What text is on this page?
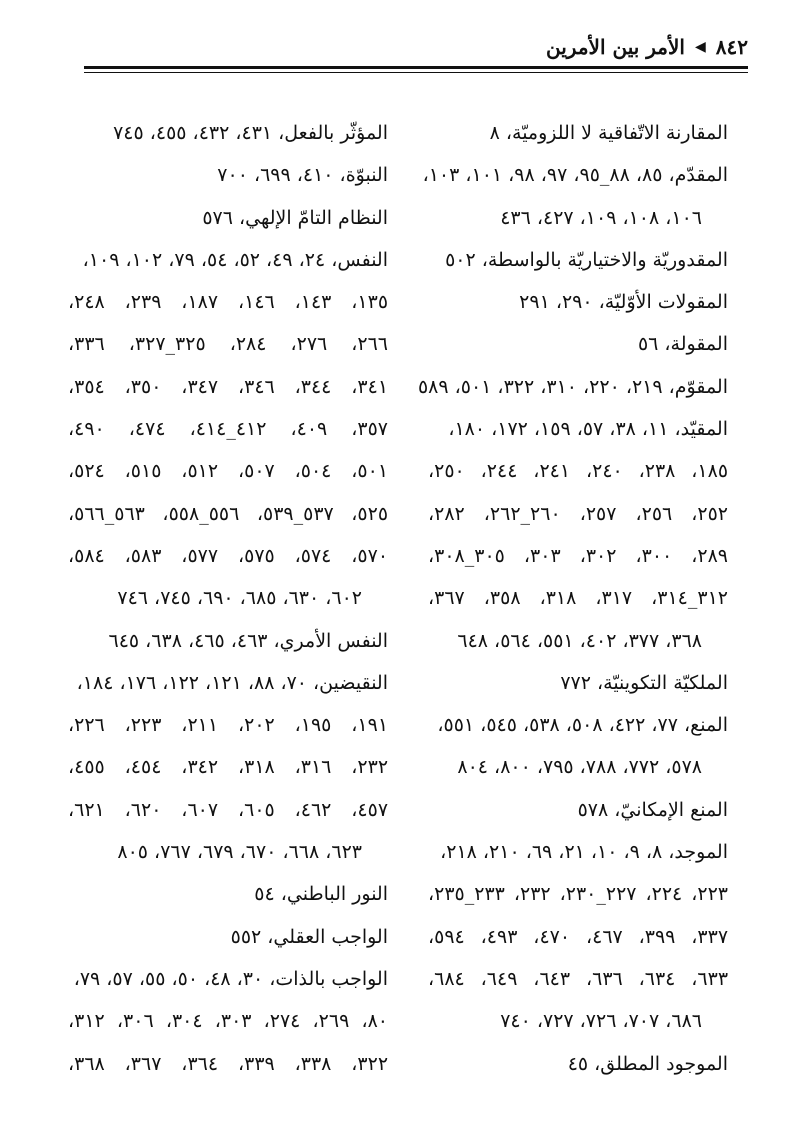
٨٤٢
◀
الأمر بين الأمرين
المقارنة الاتّفاقية لا اللزوميّة، ٨
المقدّم، ٨٥، ٨٨_٩٥، ٩٧، ٩٨، ١٠١، ١٠٣،
١٠٦، ١٠٨، ١٠٩، ٤٢٧، ٤٣٦
المقدوريّة والاختياريّة بالواسطة، ٥٠٢
المقولات الأوّليّة، ٢٩٠، ٢٩١
المقولة، ٥٦
المقوّم، ٢١٩، ٢٢٠، ٣١٠، ٣٢٢، ٥٠١، ٥٨٩
المقيّد، ١١، ٣٨، ٥٧، ١٥٩، ١٧٢، ١٨٠،
١٨٥، ٢٣٨، ٢٤٠، ٢٤١، ٢٤٤، ٢٥٠،
٢٥٢، ٢٥٦، ٢٥٧، ٢٦٠_٢٦٢، ٢٨٢،
٢٨٩، ٣٠٠، ٣٠٢، ٣٠٣، ٣٠٥_٣٠٨،
٣١٢_٣١٤، ٣١٧، ٣١٨، ٣٥٨، ٣٦٧،
٣٦٨، ٣٧٧، ٤٠٢، ٥٥١، ٥٦٤، ٦٤٨
الملكيّة التكوينيّة، ٧٧٢
المنع، ٧٧، ٤٢٢، ٥٠٨، ٥٣٨، ٥٤٥، ٥٥١،
٥٧٨، ٧٧٢، ٧٨٨، ٧٩٥، ٨٠٠، ٨٠٤
المنع الإمكانيّ، ٥٧٨
الموجد، ٨، ٩، ١٠، ٢١، ٦٩، ٢١٠، ٢١٨،
٢٢٣، ٢٢٤، ٢٢٧_٢٣٠، ٢٣٢، ٢٣٣_٢٣٥،
٣٣٧، ٣٩٩، ٤٦٧، ٤٧٠، ٤٩٣، ٥٩٤،
٦٣٣، ٦٣٤، ٦٣٦، ٦٤٣، ٦٤٩، ٦٨٤،
٦٨٦، ٧٠٧، ٧٢٦، ٧٢٧، ٧٤٠
الموجود المطلق، ٤٥
المؤثّر بالفعل، ٤٣١، ٤٣٢، ٤٥٥، ٧٤٥
النبوّة، ٤١٠، ٦٩٩، ٧٠٠
النظام التامّ الإلهي، ٥٧٦
النفس، ٢٤، ٤٩، ٥٢، ٥٤، ٧٩، ١٠٢، ١٠٩،
١٣٥، ١٤٣، ١٤٦، ١٨٧، ٢٣٩، ٢٤٨،
٢٦٦، ٢٧٦، ٢٨٤، ٣٢٥_٣٢٧، ٣٣٦،
٣٤١، ٣٤٤، ٣٤٦، ٣٤٧، ٣٥٠، ٣٥٤،
٣٥٧، ٤٠٩، ٤١٢_٤١٤، ٤٧٤، ٤٩٠،
٥٠١، ٥٠٤، ٥٠٧، ٥١٢، ٥١٥، ٥٢٤،
٥٢٥، ٥٣٧_٥٣٩، ٥٥٦_٥٥٨، ٥٦٣_٥٦٦،
٥٧٠، ٥٧٤، ٥٧٥، ٥٧٧، ٥٨٣، ٥٨٤،
٦٠٢، ٦٣٠، ٦٨٥، ٦٩٠، ٧٤٥، ٧٤٦
النفس الأمري، ٤٦٣، ٤٦٥، ٦٣٨، ٦٤٥
النقيضين، ٧٠، ٨٨، ١٢١، ١٢٢، ١٧٦، ١٨٤،
١٩١، ١٩٥، ٢٠٢، ٢١١، ٢٢٣، ٢٢٦،
٢٣٢، ٣١٦، ٣١٨، ٣٤٢، ٤٥٤، ٤٥٥،
٤٥٧، ٤٦٢، ٦٠٥، ٦٠٧، ٦٢٠، ٦٢١،
٦٢٣، ٦٦٨، ٦٧٠، ٦٧٩، ٧٦٧، ٨٠٥
النور الباطني، ٥٤
الواجب العقلي، ٥٥٢
الواجب بالذات، ٣٠، ٤٨، ٥٠، ٥٥، ٥٧، ٧٩،
٨٠، ٢٦٩، ٢٧٤، ٣٠٣، ٣٠٤، ٣٠٦، ٣١٢،
٣٢٢، ٣٣٨، ٣٣٩، ٣٦٤، ٣٦٧، ٣٦٨،
